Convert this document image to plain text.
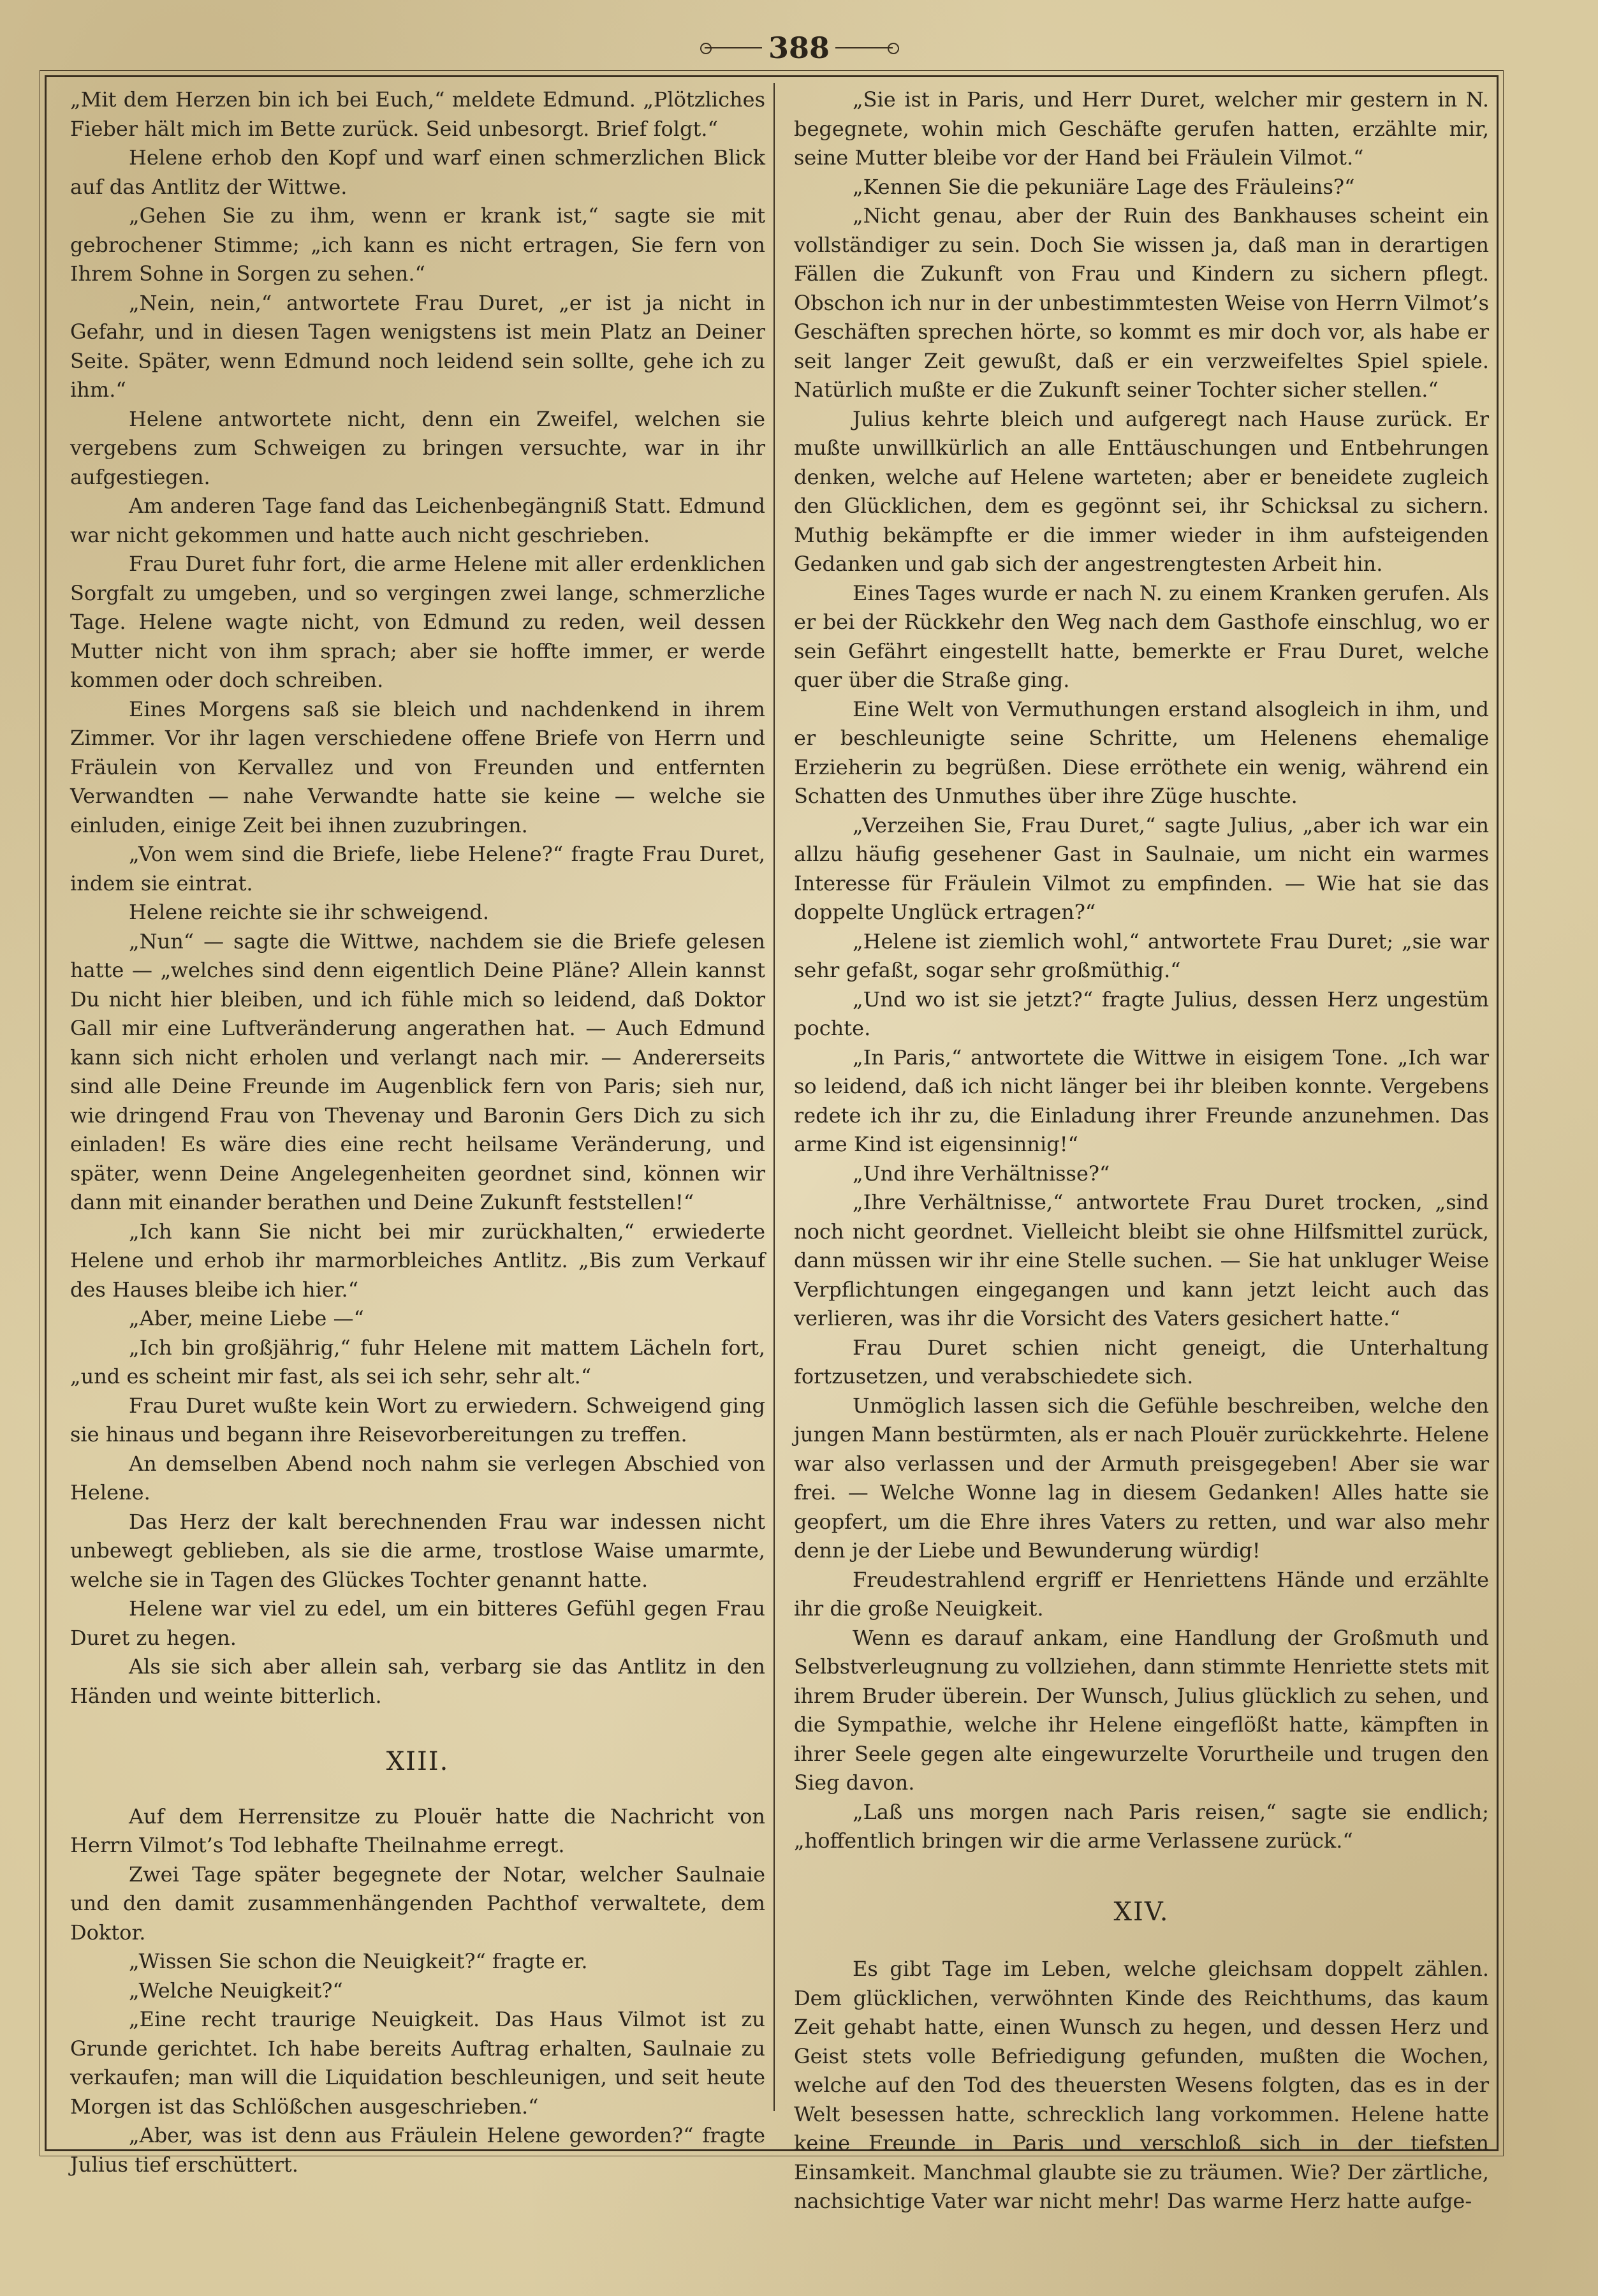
388

„Mit dem Herzen bin ich bei Euch,“ meldete Edmund. „Plötzliches Fieber hält mich im Bette zurück. Seid unbesorgt. Brief folgt.“

Helene erhob den Kopf und warf einen schmerzlichen Blick auf das Antlitz der Wittwe.

„Gehen Sie zu ihm, wenn er krank ist,“ sagte sie mit gebrochener Stimme; „ich kann es nicht ertragen, Sie fern von Ihrem Sohne in Sorgen zu sehen.“

„Nein, nein,“ antwortete Frau Duret, „er ist ja nicht in Gefahr, und in diesen Tagen wenigstens ist mein Platz an Deiner Seite. Später, wenn Edmund noch leidend sein sollte, gehe ich zu ihm.“

Helene antwortete nicht, denn ein Zweifel, welchen sie vergebens zum Schweigen zu bringen versuchte, war in ihr aufgestiegen.

Am anderen Tage fand das Leichenbegängniß Statt. Edmund war nicht gekommen und hatte auch nicht geschrieben.

Frau Duret fuhr fort, die arme Helene mit aller erdenklichen Sorgfalt zu umgeben, und so vergingen zwei lange, schmerzliche Tage. Helene wagte nicht, von Edmund zu reden, weil dessen Mutter nicht von ihm sprach; aber sie hoffte immer, er werde kommen oder doch schreiben.

Eines Morgens saß sie bleich und nachdenkend in ihrem Zimmer. Vor ihr lagen verschiedene offene Briefe von Herrn und Fräulein von Kervallez und von Freunden und entfernten Verwandten — nahe Verwandte hatte sie keine — welche sie einluden, einige Zeit bei ihnen zuzubringen.

„Von wem sind die Briefe, liebe Helene?“ fragte Frau Duret, indem sie eintrat.

Helene reichte sie ihr schweigend.

„Nun“ — sagte die Wittwe, nachdem sie die Briefe gelesen hatte — „welches sind denn eigentlich Deine Pläne? Allein kannst Du nicht hier bleiben, und ich fühle mich so leidend, daß Doktor Gall mir eine Luftveränderung angerathen hat. — Auch Edmund kann sich nicht erholen und verlangt nach mir. — Andererseits sind alle Deine Freunde im Augenblick fern von Paris; sieh nur, wie dringend Frau von Thevenay und Baronin Gers Dich zu sich einladen! Es wäre dies eine recht heilsame Veränderung, und später, wenn Deine Angelegenheiten geordnet sind, können wir dann mit einander berathen und Deine Zukunft feststellen!“

„Ich kann Sie nicht bei mir zurückhalten,“ erwiederte Helene und erhob ihr marmorbleiches Antlitz. „Bis zum Verkauf des Hauses bleibe ich hier.“

„Aber, meine Liebe —“

„Ich bin großjährig,“ fuhr Helene mit mattem Lächeln fort, „und es scheint mir fast, als sei ich sehr, sehr alt.“

Frau Duret wußte kein Wort zu erwiedern. Schweigend ging sie hinaus und begann ihre Reisevorbereitungen zu treffen.

An demselben Abend noch nahm sie verlegen Abschied von Helene.

Das Herz der kalt berechnenden Frau war indessen nicht unbewegt geblieben, als sie die arme, trostlose Waise umarmte, welche sie in Tagen des Glückes Tochter genannt hatte.

Helene war viel zu edel, um ein bitteres Gefühl gegen Frau Duret zu hegen.

Als sie sich aber allein sah, verbarg sie das Antlitz in den Händen und weinte bitterlich.

XIII.

Auf dem Herrensitze zu Plouër hatte die Nachricht von Herrn Vilmot’s Tod lebhafte Theilnahme erregt.

Zwei Tage später begegnete der Notar, welcher Saulnaie und den damit zusammenhängenden Pachthof verwaltete, dem Doktor.

„Wissen Sie schon die Neuigkeit?“ fragte er.

„Welche Neuigkeit?“

„Eine recht traurige Neuigkeit. Das Haus Vilmot ist zu Grunde gerichtet. Ich habe bereits Auftrag erhalten, Saulnaie zu verkaufen; man will die Liquidation beschleunigen, und seit heute Morgen ist das Schlößchen ausgeschrieben.“

„Aber, was ist denn aus Fräulein Helene geworden?“ fragte Julius tief erschüttert.

„Sie ist in Paris, und Herr Duret, welcher mir gestern in N. begegnete, wohin mich Geschäfte gerufen hatten, erzählte mir, seine Mutter bleibe vor der Hand bei Fräulein Vilmot.“

„Kennen Sie die pekuniäre Lage des Fräuleins?“

„Nicht genau, aber der Ruin des Bankhauses scheint ein vollständiger zu sein. Doch Sie wissen ja, daß man in derartigen Fällen die Zukunft von Frau und Kindern zu sichern pflegt. Obschon ich nur in der unbestimmtesten Weise von Herrn Vilmot’s Geschäften sprechen hörte, so kommt es mir doch vor, als habe er seit langer Zeit gewußt, daß er ein verzweifeltes Spiel spiele. Natürlich mußte er die Zukunft seiner Tochter sicher stellen.“

Julius kehrte bleich und aufgeregt nach Hause zurück. Er mußte unwillkürlich an alle Enttäuschungen und Entbehrungen denken, welche auf Helene warteten; aber er beneidete zugleich den Glücklichen, dem es gegönnt sei, ihr Schicksal zu sichern. Muthig bekämpfte er die immer wieder in ihm aufsteigenden Gedanken und gab sich der angestrengtesten Arbeit hin.

Eines Tages wurde er nach N. zu einem Kranken gerufen. Als er bei der Rückkehr den Weg nach dem Gasthofe einschlug, wo er sein Gefährt eingestellt hatte, bemerkte er Frau Duret, welche quer über die Straße ging.

Eine Welt von Vermuthungen erstand alsogleich in ihm, und er beschleunigte seine Schritte, um Helenens ehemalige Erzieherin zu begrüßen. Diese erröthete ein wenig, während ein Schatten des Unmuthes über ihre Züge huschte.

„Verzeihen Sie, Frau Duret,“ sagte Julius, „aber ich war ein allzu häufig gesehener Gast in Saulnaie, um nicht ein warmes Interesse für Fräulein Vilmot zu empfinden. — Wie hat sie das doppelte Unglück ertragen?“

„Helene ist ziemlich wohl,“ antwortete Frau Duret; „sie war sehr gefaßt, sogar sehr großmüthig.“

„Und wo ist sie jetzt?“ fragte Julius, dessen Herz ungestüm pochte.

„In Paris,“ antwortete die Wittwe in eisigem Tone. „Ich war so leidend, daß ich nicht länger bei ihr bleiben konnte. Vergebens redete ich ihr zu, die Einladung ihrer Freunde anzunehmen. Das arme Kind ist eigensinnig!“

„Und ihre Verhältnisse?“

„Ihre Verhältnisse,“ antwortete Frau Duret trocken, „sind noch nicht geordnet. Vielleicht bleibt sie ohne Hilfsmittel zurück, dann müssen wir ihr eine Stelle suchen. — Sie hat unkluger Weise Verpflichtungen eingegangen und kann jetzt leicht auch das verlieren, was ihr die Vorsicht des Vaters gesichert hatte.“

Frau Duret schien nicht geneigt, die Unterhaltung fortzusetzen, und verabschiedete sich.

Unmöglich lassen sich die Gefühle beschreiben, welche den jungen Mann bestürmten, als er nach Plouër zurückkehrte. Helene war also verlassen und der Armuth preisgegeben! Aber sie war frei. — Welche Wonne lag in diesem Gedanken! Alles hatte sie geopfert, um die Ehre ihres Vaters zu retten, und war also mehr denn je der Liebe und Bewunderung würdig!

Freudestrahlend ergriff er Henriettens Hände und erzählte ihr die große Neuigkeit.

Wenn es darauf ankam, eine Handlung der Großmuth und Selbstverleugnung zu vollziehen, dann stimmte Henriette stets mit ihrem Bruder überein. Der Wunsch, Julius glücklich zu sehen, und die Sympathie, welche ihr Helene eingeflößt hatte, kämpften in ihrer Seele gegen alte eingewurzelte Vorurtheile und trugen den Sieg davon.

„Laß uns morgen nach Paris reisen,“ sagte sie endlich; „hoffentlich bringen wir die arme Verlassene zurück.“

XIV.

Es gibt Tage im Leben, welche gleichsam doppelt zählen. Dem glücklichen, verwöhnten Kinde des Reichthums, das kaum Zeit gehabt hatte, einen Wunsch zu hegen, und dessen Herz und Geist stets volle Befriedigung gefunden, mußten die Wochen, welche auf den Tod des theuersten Wesens folgten, das es in der Welt besessen hatte, schrecklich lang vorkommen. Helene hatte keine Freunde in Paris und verschloß sich in der tiefsten Einsamkeit. Manchmal glaubte sie zu träumen. Wie? Der zärtliche, nachsichtige Vater war nicht mehr! Das warme Herz hatte aufge-
